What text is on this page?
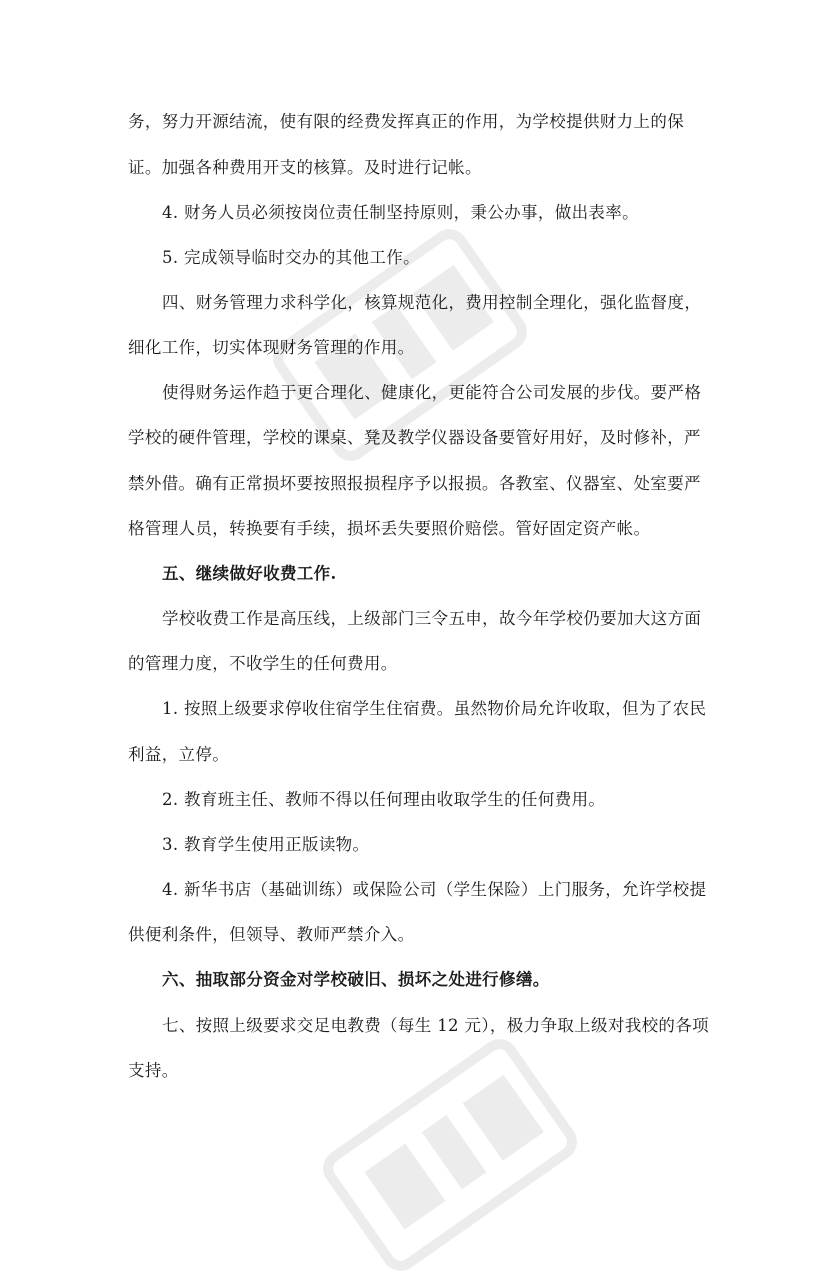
务，努力开源结流，使有限的经费发挥真正的作用，为学校提供财力上的保
证。加强各种费用开支的核算。及时进行记帐。
4. 财务人员必须按岗位责任制坚持原则，秉公办事，做出表率。
5. 完成领导临时交办的其他工作。
四、财务管理力求科学化，核算规范化，费用控制全理化，强化监督度，
细化工作，切实体现财务管理的作用。
使得财务运作趋于更合理化、健康化，更能符合公司发展的步伐。要严格
学校的硬件管理，学校的课桌、凳及教学仪器设备要管好用好，及时修补，严
禁外借。确有正常损坏要按照报损程序予以报损。各教室、仪器室、处室要严
格管理人员，转换要有手续，损坏丢失要照价赔偿。管好固定资产帐。
五、继续做好收费工作.
学校收费工作是高压线，上级部门三令五申，故今年学校仍要加大这方面
的管理力度，不收学生的任何费用。
1. 按照上级要求停收住宿学生住宿费。虽然物价局允许收取，但为了农民
利益，立停。
2. 教育班主任、教师不得以任何理由收取学生的任何费用。
3. 教育学生使用正版读物。
4. 新华书店（基础训练）或保险公司（学生保险）上门服务，允许学校提
供便利条件，但领导、教师严禁介入。
六、抽取部分资金对学校破旧、损坏之处进行修缮。
七、按照上级要求交足电教费（每生 12 元），极力争取上级对我校的各项
支持。
